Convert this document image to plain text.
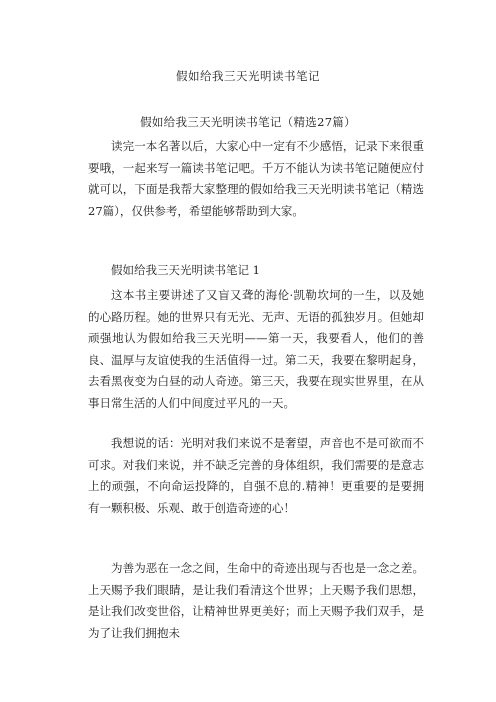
假如给我三天光明读书笔记
假如给我三天光明读书笔记（精选27篇）

读完一本名著以后，大家心中一定有不少感悟，记录下来很重要哦，一起来写一篇读书笔记吧。千万不能认为读书笔记随便应付就可以，下面是我帮大家整理的假如给我三天光明读书笔记（精选27篇），仅供参考，希望能够帮助到大家。

假如给我三天光明读书笔记 1

这本书主要讲述了又盲又聋的海伦·凯勒坎坷的一生，以及她的心路历程。她的世界只有无光、无声、无语的孤独岁月。但她却顽强地认为假如给我三天光明——第一天，我要看人，他们的善良、温厚与友谊使我的生活值得一过。第二天，我要在黎明起身，去看黑夜变为白昼的动人奇迹。第三天，我要在现实世界里，在从事日常生活的人们中间度过平凡的一天。

我想说的话：光明对我们来说不是奢望，声音也不是可欲而不可求。对我们来说，并不缺乏完善的身体组织，我们需要的是意志上的顽强，不向命运投降的，自强不息的.精神！更重要的是要拥有一颗积极、乐观、敢于创造奇迹的心！

为善为恶在一念之间，生命中的奇迹出现与否也是一念之差。上天赐予我们眼睛，是让我们看清这个世界；上天赐予我们思想，是让我们改变世俗，让精神世界更美好；而上天赐予我们双手，是为了让我们拥抱未
